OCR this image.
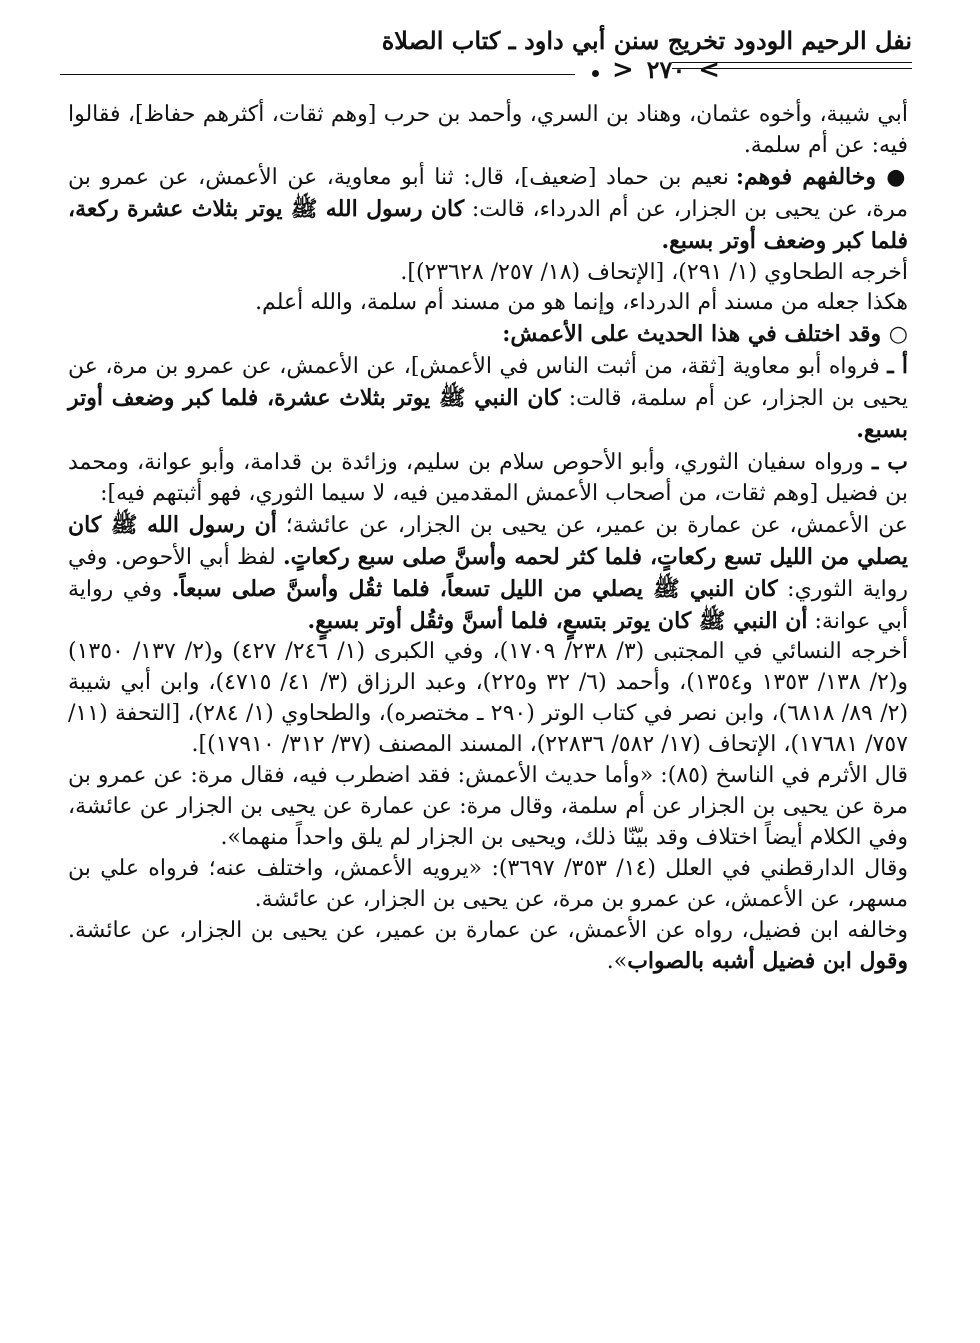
نفل الرحيم الودود تخريج سنن أبي داود ـ كتاب الصلاة
< ٢٧٠ >

أبي شيبة، وأخوه عثمان، وهناد بن السري، وأحمد بن حرب [وهم ثقات، أكثرهم حفاظ]، فقالوا فيه: عن أم سلمة.

● وخالفهم فوهم: نعيم بن حماد [ضعيف]، قال: ثنا أبو معاوية، عن الأعمش، عن عمرو بن مرة، عن يحيى بن الجزار، عن أم الدرداء، قالت: كان رسول الله ﷺ يوتر بثلاث عشرة ركعة، فلما كبر وضعف أوتر بسبع.

أخرجه الطحاوي (١/ ٢٩١)، [الإتحاف (١٨/ ٢٥٧/ ٢٣٦٢٨)].

هكذا جعله من مسند أم الدرداء، وإنما هو من مسند أم سلمة، والله أعلم.

○ وقد اختلف في هذا الحديث على الأعمش:

أ ـ فرواه أبو معاوية [ثقة، من أثبت الناس في الأعمش]، عن الأعمش، عن عمرو بن مرة، عن يحيى بن الجزار، عن أم سلمة، قالت: كان النبي ﷺ يوتر بثلاث عشرة، فلما كبر وضعف أوتر بسبع.

ب ـ ورواه سفيان الثوري، وأبو الأحوص سلام بن سليم، وزائدة بن قدامة، وأبو عوانة، ومحمد بن فضيل [وهم ثقات، من أصحاب الأعمش المقدمين فيه، لا سيما الثوري، فهو أثبتهم فيه]:

عن الأعمش، عن عمارة بن عمير، عن يحيى بن الجزار، عن عائشة؛ أن رسول الله ﷺ كان يصلي من الليل تسع ركعاتٍ، فلما كثر لحمه وأسنَّ صلى سبع ركعاتٍ. لفظ أبي الأحوص. وفي رواية الثوري: كان النبي ﷺ يصلي من الليل تسعاً، فلما ثقُل وأسنَّ صلى سبعاً. وفي رواية أبي عوانة: أن النبي ﷺ كان يوتر بتسعٍ، فلما أسنَّ وثقُل أوتر بسبعٍ.

أخرجه النسائي في المجتبى (٣/ ٢٣٨/ ١٧٠٩)، وفي الكبرى (١/ ٢٤٦/ ٤٢٧) و(٢/ ١٣٧/ ١٣٥٠) و(٢/ ١٣٨/ ١٣٥٣ و١٣٥٤)، وأحمد (٦/ ٣٢ و٢٢٥)، وعبد الرزاق (٣/ ٤١/ ٤٧١٥)، وابن أبي شيبة (٢/ ٨٩/ ٦٨١٨)، وابن نصر في كتاب الوتر (٢٩٠ ـ مختصره)، والطحاوي (١/ ٢٨٤)، [التحفة (١١/ ٧٥٧/ ١٧٦٨١)، الإتحاف (١٧/ ٥٨٢/ ٢٢٨٣٦)، المسند المصنف (٣٧/ ٣١٢/ ١٧٩١٠)].

قال الأثرم في الناسخ (٨٥): «وأما حديث الأعمش: فقد اضطرب فيه، فقال مرة: عن عمرو بن مرة عن يحيى بن الجزار عن أم سلمة، وقال مرة: عن عمارة عن يحيى بن الجزار عن عائشة، وفي الكلام أيضاً اختلاف وقد بيّنّا ذلك، ويحيى بن الجزار لم يلق واحداً منهما».

وقال الدارقطني في العلل (١٤/ ٣٥٣/ ٣٦٩٧): «يرويه الأعمش، واختلف عنه؛ فرواه علي بن مسهر، عن الأعمش، عن عمرو بن مرة، عن يحيى بن الجزار، عن عائشة.

وخالفه ابن فضيل، رواه عن الأعمش، عن عمارة بن عمير، عن يحيى بن الجزار، عن عائشة. وقول ابن فضيل أشبه بالصواب».
